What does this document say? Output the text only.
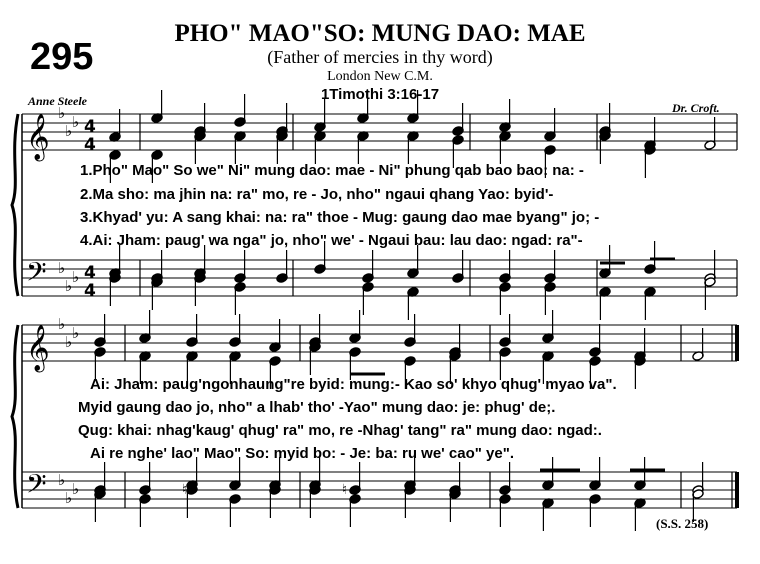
295
PHO" MAO"SO: MUNG DAO: MAE
(Father of mercies in thy word)
London New C.M.
1Timothi 3:16-17
Anne Steele	Dr. Croft.
𝄞
𝄢
♭
♭ ♭
♭
♭ ♭
4
4
4
4
𝄞
𝄢
♭
♭ ♭
♭
♭ ♭	♮	♮
1.Pho" Mao" So we" Ni" mung dao: mae - Ni" phung qab bao bao: na: -
2.Ma sho: ma jhin na: ra" mo, re - Jo, nho" ngaui qhang Yao: byid'-
3.Khyad' yu: A sang khai: na: ra" thoe - Mug: gaung dao mae byang" jo; -
4.Ai: Jham: paug' wa nga" jo, nho" we' - Ngaui bau: lau dao: ngad: ra"-
Ai: Jham: paug'ngonhaung"re byid: mung:- Kao so' khyo qhug' myao va".
Myid gaung dao jo, nho" a lhab' tho' -Yao" mung dao: je: phug' de;.
Qug: khai: nhag'kaug' qhug' ra" mo, re -Nhag' tang" ra" mung dao: ngad:.
Ai re nghe' lao" Mao" So: myid bo: - Je: ba: ru we' cao" ye".
(S.S. 258)
